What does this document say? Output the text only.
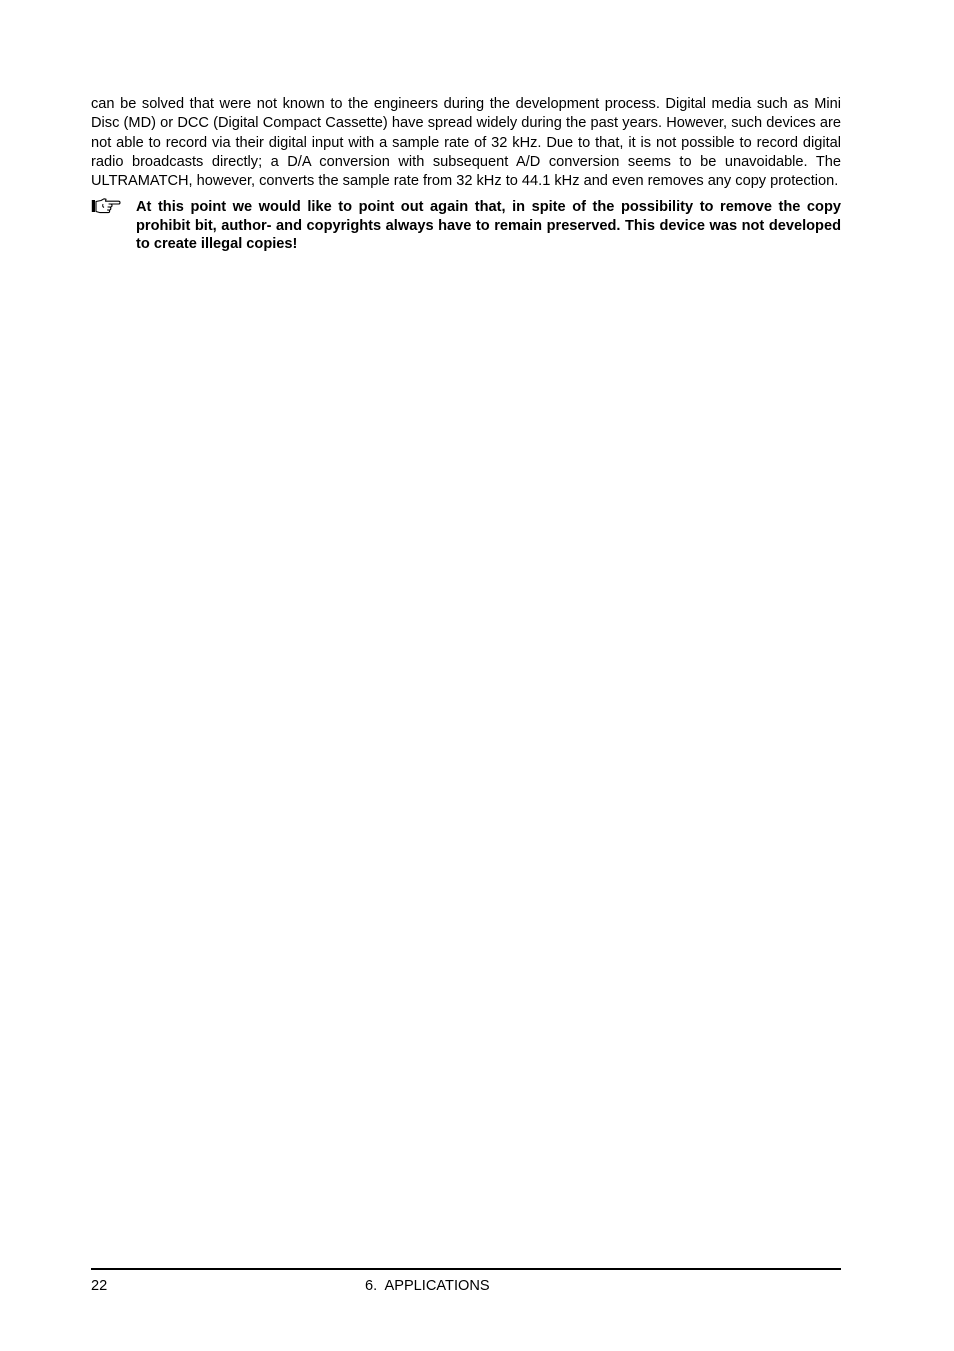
can be solved that were not known to the engineers during the development process. Digital media such as Mini Disc (MD) or DCC (Digital Compact Cassette) have spread widely during the past years. However, such devices are not able to record via their digital input with a sample rate of 32 kHz. Due to that, it is not possible to record digital radio broadcasts directly; a D/A conversion with subsequent A/D conversion seems to be unavoidable. The ULTRAMATCH, however, converts the sample rate from 32 kHz to 44.1 kHz and even removes any copy protection.

At this point we would like to point out again that, in spite of the possibility to remove the copy prohibit bit, author- and copyrights always have to remain preserved. This device was not developed to create illegal copies!

22	6.  APPLICATIONS
